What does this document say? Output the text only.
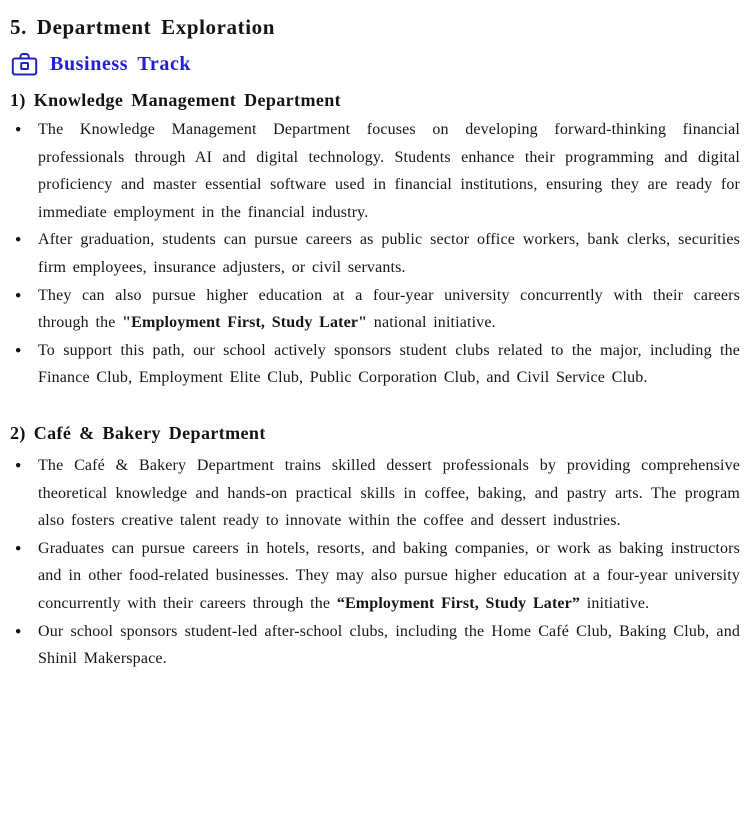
5. Department Exploration
Business Track
1) Knowledge Management Department
● The Knowledge Management Department focuses on developing forward-thinking financial professionals through AI and digital technology. Students enhance their programming and digital proficiency and master essential software used in financial institutions, ensuring they are ready for immediate employment in the financial industry.
● After graduation, students can pursue careers as public sector office workers, bank clerks, securities firm employees, insurance adjusters, or civil servants.
● They can also pursue higher education at a four-year university concurrently with their careers through the "Employment First, Study Later" national initiative.
● To support this path, our school actively sponsors student clubs related to the major, including the Finance Club, Employment Elite Club, Public Corporation Club, and Civil Service Club.
2) Café & Bakery Department
● The Café & Bakery Department trains skilled dessert professionals by providing comprehensive theoretical knowledge and hands-on practical skills in coffee, baking, and pastry arts. The program also fosters creative talent ready to innovate within the coffee and dessert industries.
● Graduates can pursue careers in hotels, resorts, and baking companies, or work as baking instructors and in other food-related businesses. They may also pursue higher education at a four-year university concurrently with their careers through the “Employment First, Study Later” initiative.
● Our school sponsors student-led after-school clubs, including the Home Café Club, Baking Club, and Shinil Makerspace.
